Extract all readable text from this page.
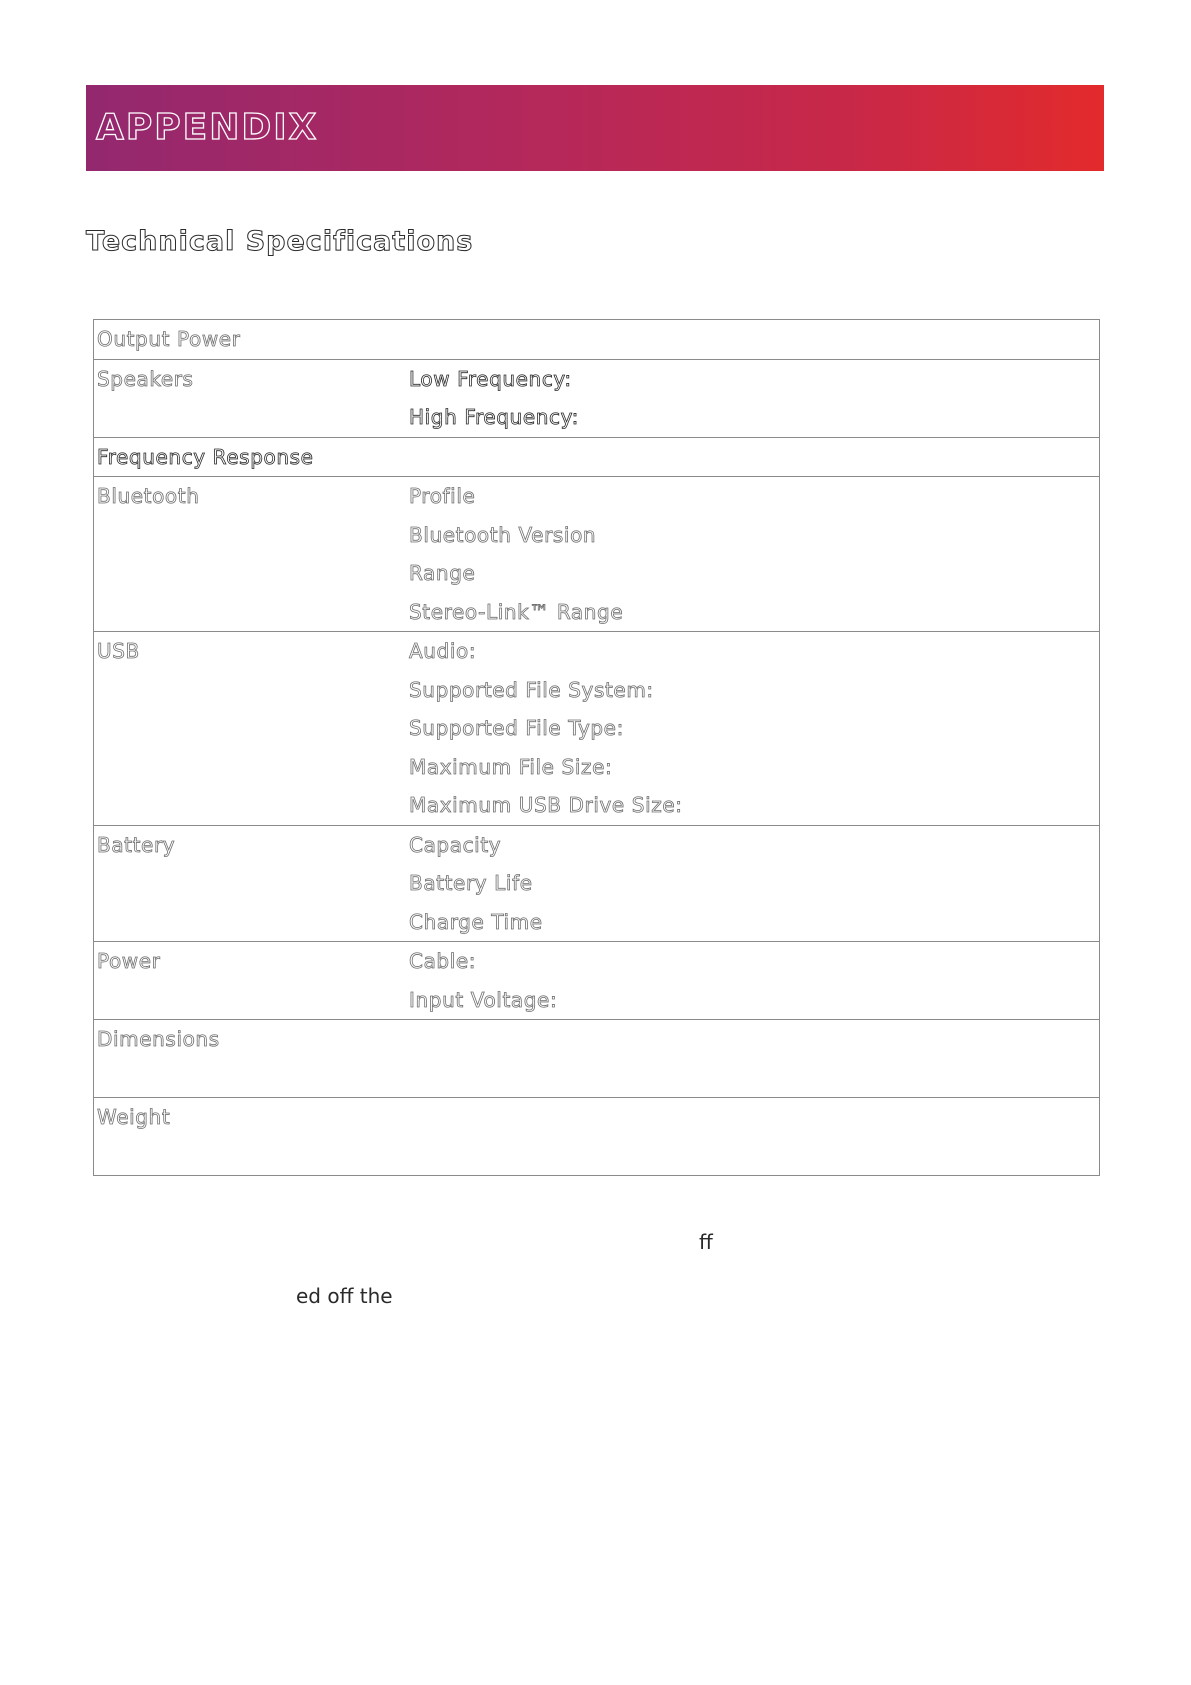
APPENDIX
Technical Specifications
Output Power
Speakers	Low Frequency:
High Frequency:
Frequency Response
Bluetooth	Profile
Bluetooth Version
Range
Stereo-Link™ Range
USB	Audio:
Supported File System:
Supported File Type:
Maximum File Size:
Maximum USB Drive Size:
Battery	Capacity
Battery Life
Charge Time
Power	Cable:
Input Voltage:
Dimensions
Weight
ff
ed off the
